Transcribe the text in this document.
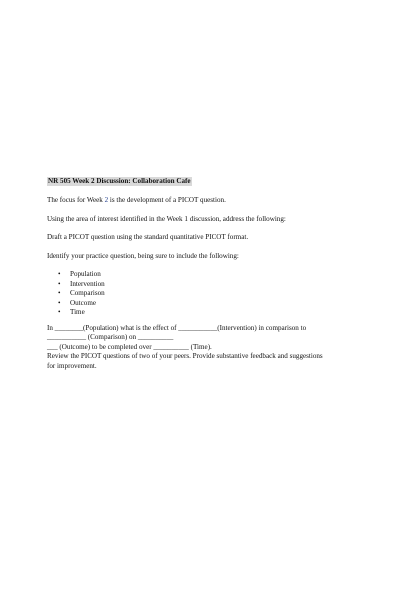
NR 505 Week 2 Discussion: Collaboration Cafe

The focus for Week 2 is the development of a PICOT question.

Using the area of interest identified in the Week 1 discussion, address the following:

Draft a PICOT question using the standard quantitative PICOT format.

Identify your practice question, being sure to include the following:

• Population
• Intervention
• Comparison
• Outcome
• Time
In ________(Population) what is the effect of ___________(Intervention) in comparison to
___________ (Comparison) on __________
___ (Outcome) to be completed over __________ (Time).
Review the PICOT questions of two of your peers. Provide substantive feedback and suggestions
for improvement.
